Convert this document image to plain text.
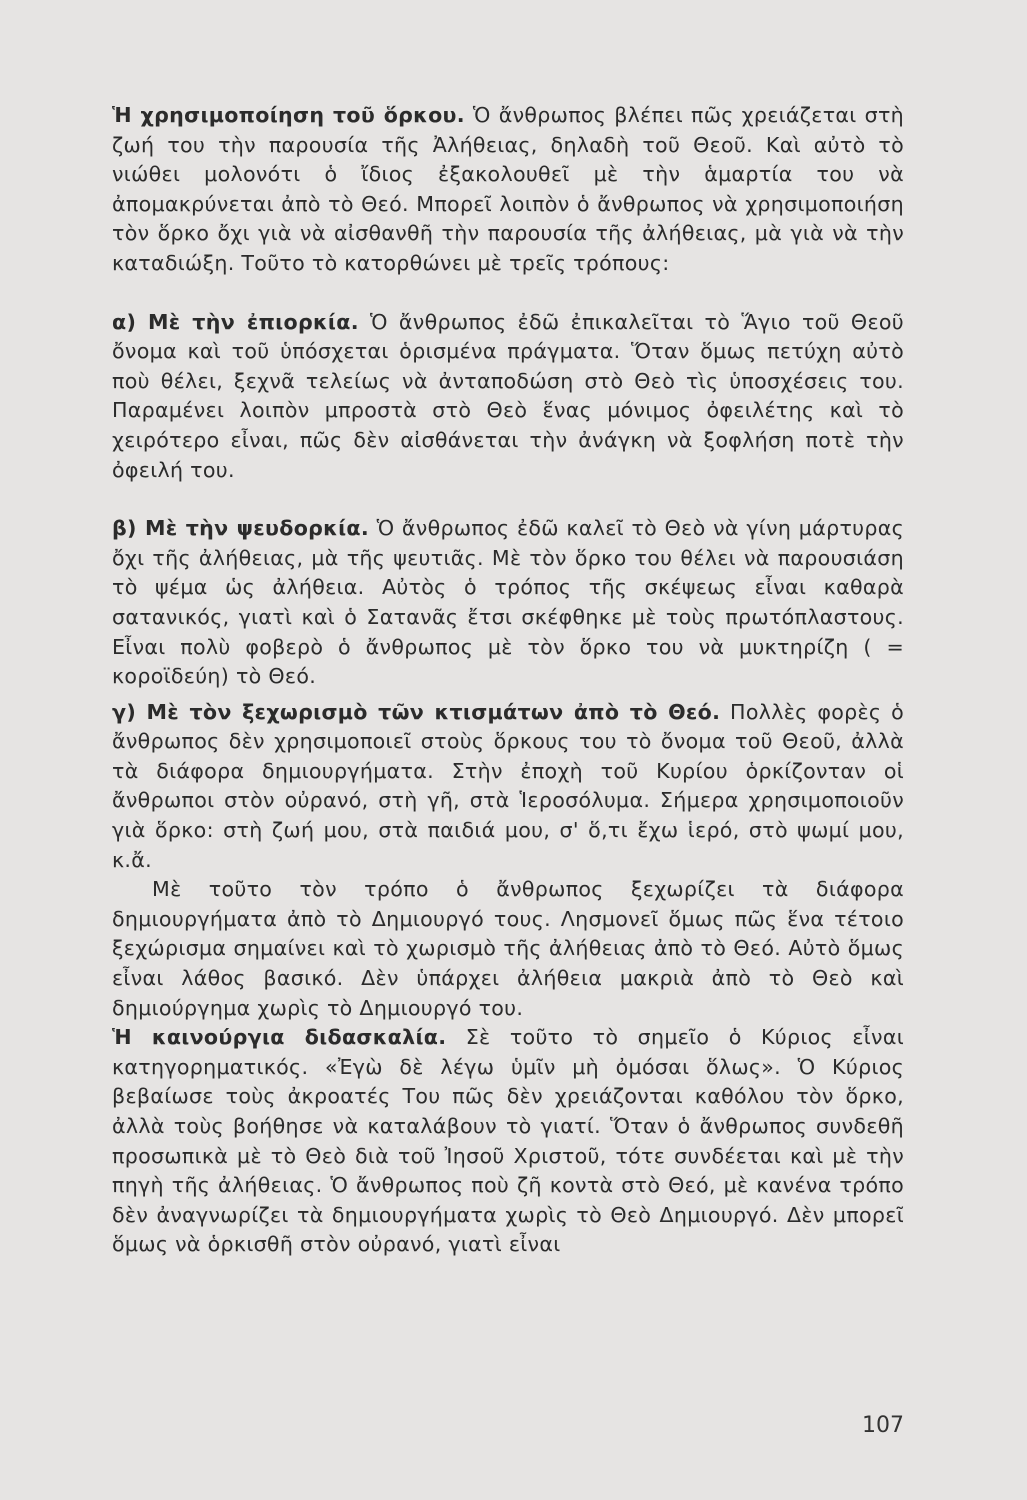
Ἡ χρησιμοποίηση τοῦ ὅρκου. Ὁ ἄνθρωπος βλέπει πῶς χρειάζεται στὴ ζωή του τὴν παρουσία τῆς Ἀλήθειας, δηλαδὴ τοῦ Θεοῦ. Καὶ αὐτὸ τὸ νιώθει μολονότι ὁ ἴδιος ἐξακολουθεῖ μὲ τὴν ἁμαρτία του νὰ ἀπομακρύνεται ἀπὸ τὸ Θεό. Μπορεῖ λοιπὸν ὁ ἄνθρωπος νὰ χρησιμοποιήση τὸν ὅρκο ὄχι γιὰ νὰ αἰσθανθῆ τὴν παρουσία τῆς ἀλήθειας, μὰ γιὰ νὰ τὴν καταδιώξη. Τοῦτο τὸ κατορθώνει μὲ τρεῖς τρόπους:

α) Μὲ τὴν ἐπιορκία. Ὁ ἄνθρωπος ἐδῶ ἐπικαλεῖται τὸ Ἅγιο τοῦ Θεοῦ ὄνομα καὶ τοῦ ὑπόσχεται ὁρισμένα πράγματα. Ὅταν ὅμως πετύχη αὐτὸ ποὺ θέλει, ξεχνᾶ τελείως νὰ ἀνταποδώση στὸ Θεὸ τὶς ὑποσχέσεις του. Παραμένει λοιπὸν μπροστὰ στὸ Θεὸ ἕνας μόνιμος ὀφειλέτης καὶ τὸ χειρότερο εἶναι, πῶς δὲν αἰσθάνεται τὴν ἀνάγκη νὰ ξοφλήση ποτὲ τὴν ὀφειλή του.

β) Μὲ τὴν ψευδορκία. Ὁ ἄνθρωπος ἐδῶ καλεῖ τὸ Θεὸ νὰ γίνη μάρτυρας ὄχι τῆς ἀλήθειας, μὰ τῆς ψευτιᾶς. Μὲ τὸν ὅρκο του θέλει νὰ παρουσιάση τὸ ψέμα ὡς ἀλήθεια. Αὐτὸς ὁ τρόπος τῆς σκέψεως εἶναι καθαρὰ σατανικός, γιατὶ καὶ ὁ Σατανᾶς ἔτσι σκέφθηκε μὲ τοὺς πρωτόπλαστους. Εἶναι πολὺ φοβερὸ ὁ ἄνθρωπος μὲ τὸν ὅρκο του νὰ μυκτηρίζη ( = κοροϊδεύη) τὸ Θεό.

γ) Μὲ τὸν ξεχωρισμὸ τῶν κτισμάτων ἀπὸ τὸ Θεό. Πολλὲς φορὲς ὁ ἄνθρωπος δὲν χρησιμοποιεῖ στοὺς ὅρκους του τὸ ὄνομα τοῦ Θεοῦ, ἀλλὰ τὰ διάφορα δημιουργήματα. Στὴν ἐποχὴ τοῦ Κυρίου ὁρκίζονταν οἱ ἄνθρωποι στὸν οὐρανό, στὴ γῆ, στὰ Ἱεροσόλυμα. Σήμερα χρησιμοποιοῦν γιὰ ὅρκο: στὴ ζωή μου, στὰ παιδιά μου, σ' ὅ,τι ἔχω ἱερό, στὸ ψωμί μου, κ.ἄ.

Μὲ τοῦτο τὸν τρόπο ὁ ἄνθρωπος ξεχωρίζει τὰ διάφορα δημιουργήματα ἀπὸ τὸ Δημιουργό τους. Λησμονεῖ ὅμως πῶς ἕνα τέτοιο ξεχώρισμα σημαίνει καὶ τὸ χωρισμὸ τῆς ἀλήθειας ἀπὸ τὸ Θεό. Αὐτὸ ὅμως εἶναι λάθος βασικό. Δὲν ὑπάρχει ἀλήθεια μακριὰ ἀπὸ τὸ Θεὸ καὶ δημιούργημα χωρὶς τὸ Δημιουργό του.

Ἡ καινούργια διδασκαλία. Σὲ τοῦτο τὸ σημεῖο ὁ Κύριος εἶναι κατηγορηματικός. «Ἐγὼ δὲ λέγω ὑμῖν μὴ ὀμόσαι ὅλως». Ὁ Κύριος βεβαίωσε τοὺς ἀκροατές Του πῶς δὲν χρειάζονται καθόλου τὸν ὅρκο, ἀλλὰ τοὺς βοήθησε νὰ καταλάβουν τὸ γιατί. Ὅταν ὁ ἄνθρωπος συνδεθῆ προσωπικὰ μὲ τὸ Θεὸ διὰ τοῦ Ἰησοῦ Χριστοῦ, τότε συνδέεται καὶ μὲ τὴν πηγὴ τῆς ἀλήθειας. Ὁ ἄνθρωπος ποὺ ζῆ κοντὰ στὸ Θεό, μὲ κανένα τρόπο δὲν ἀναγνωρίζει τὰ δημιουργήματα χωρὶς τὸ Θεὸ Δημιουργό. Δὲν μπορεῖ ὅμως νὰ ὁρκισθῆ στὸν οὐρανό, γιατὶ εἶναι

107
